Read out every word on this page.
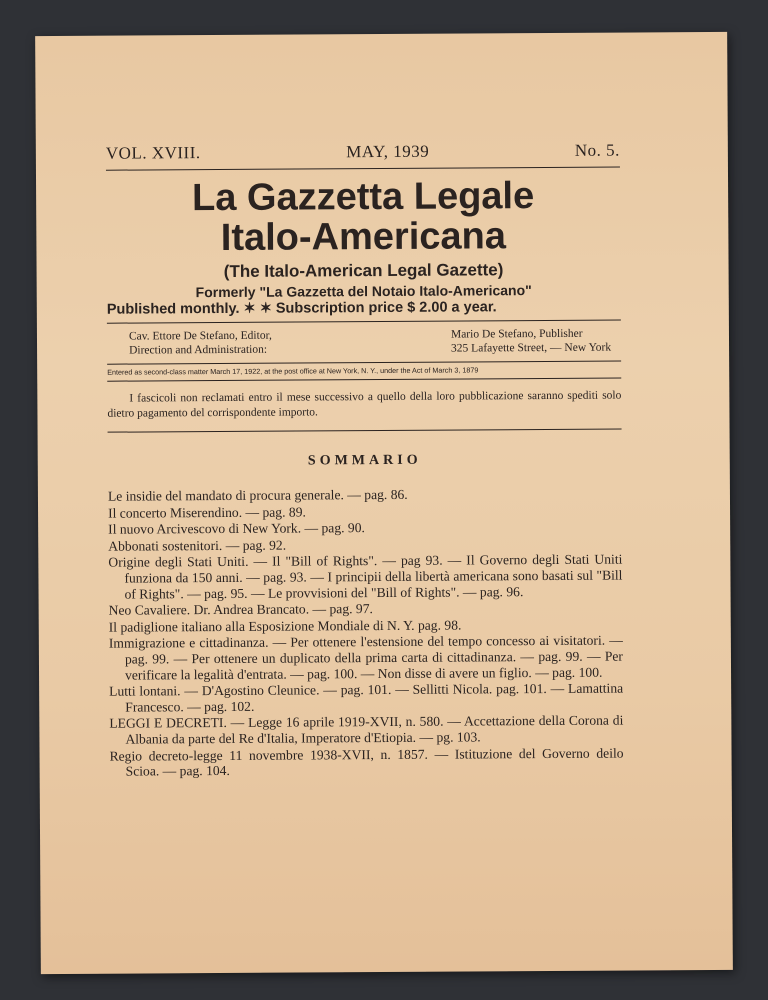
VOL. XVIII.	MAY, 1939	No. 5.
La Gazzetta Legale
Italo-Americana
(The Italo-American Legal Gazette)
Formerly "La Gazzetta del Notaio Italo-Americano"
Published monthly. ✶ ✶ Subscription price $ 2.00 a year.
Cav. Ettore De Stefano, Editor,
Direction and Administration:
Mario De Stefano, Publisher
325 Lafayette Street, — New York
Entered as second-class matter March 17, 1922, at the post office at New York, N. Y., under the Act of March 3, 1879
I fascicoli non reclamati entro il mese successivo a quello della loro pubblicazione saranno spediti solo dietro pagamento del corrispondente importo.
SOMMARIO

Le insidie del mandato di procura generale. — pag. 86.

Il concerto Miserendino. — pag. 89.

Il nuovo Arcivescovo di New York. — pag. 90.

Abbonati sostenitori. — pag. 92.

Origine degli Stati Uniti. — Il "Bill of Rights". — pag 93. — Il Governo degli Stati Uniti funziona da 150 anni. — pag. 93. — I principii della libertà americana sono basati sul "Bill of Rights". — pag. 95. — Le provvisioni del "Bill of Rights". — pag. 96.

Neo Cavaliere. Dr. Andrea Brancato. — pag. 97.

Il padiglione italiano alla Esposizione Mondiale di N. Y. pag. 98.

Immigrazione e cittadinanza. — Per ottenere l'estensione del tempo concesso ai visitatori. — pag. 99. — Per ottenere un duplicato della prima carta di cittadinanza. — pag. 99. — Per verificare la legalità d'entrata. — pag. 100. — Non disse di avere un figlio. — pag. 100.

Lutti lontani. — D'Agostino Cleunice. — pag. 101. — Sellitti Nicola. pag. 101. — Lamattina Francesco. — pag. 102.

LEGGI E DECRETI. — Legge 16 aprile 1919-XVII, n. 580. — Accettazione della Corona di Albania da parte del Re d'Italia, Imperatore d'Etiopia. — pg. 103.

Regio decreto-legge 11 novembre 1938-XVII, n. 1857. — Istituzione del Governo deilo Scioa. — pag. 104.
